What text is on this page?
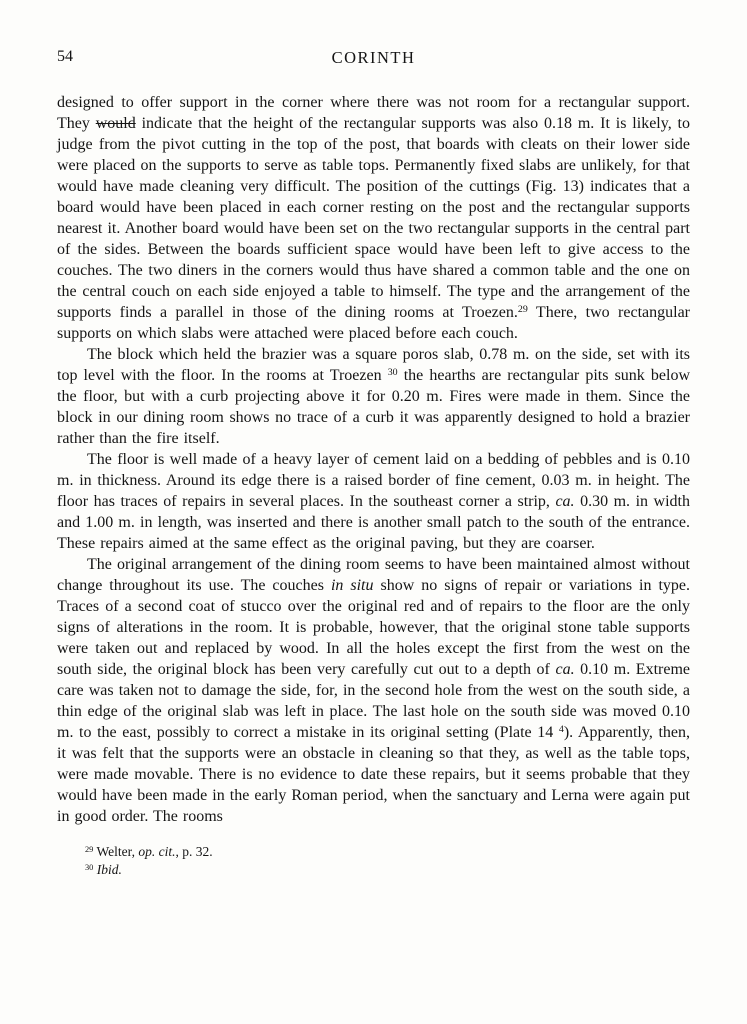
54	CORINTH

designed to offer support in the corner where there was not room for a rectangular support. They would indicate that the height of the rectangular supports was also 0.18 m. It is likely, to judge from the pivot cutting in the top of the post, that boards with cleats on their lower side were placed on the supports to serve as table tops. Permanently fixed slabs are unlikely, for that would have made cleaning very difficult. The position of the cuttings (Fig. 13) indicates that a board would have been placed in each corner resting on the post and the rectangular supports nearest it. Another board would have been set on the two rectangular supports in the central part of the sides. Between the boards sufficient space would have been left to give access to the couches. The two diners in the corners would thus have shared a common table and the one on the central couch on each side enjoyed a table to himself. The type and the arrangement of the supports finds a parallel in those of the dining rooms at Troezen.$^{29}$ There, two rectangular supports on which slabs were attached were placed before each couch.

The block which held the brazier was a square poros slab, 0.78 m. on the side, set with its top level with the floor. In the rooms at Troezen $^{30}$ the hearths are rectangular pits sunk below the floor, but with a curb projecting above it for 0.20 m. Fires were made in them. Since the block in our dining room shows no trace of a curb it was apparently designed to hold a brazier rather than the fire itself.

The floor is well made of a heavy layer of cement laid on a bedding of pebbles and is 0.10 m. in thickness. Around its edge there is a raised border of fine cement, 0.03 m. in height. The floor has traces of repairs in several places. In the southeast corner a strip, ca. 0.30 m. in width and 1.00 m. in length, was inserted and there is another small patch to the south of the entrance. These repairs aimed at the same effect as the original paving, but they are coarser.

The original arrangement of the dining room seems to have been maintained almost without change throughout its use. The couches in situ show no signs of repair or variations in type. Traces of a second coat of stucco over the original red and of repairs to the floor are the only signs of alterations in the room. It is probable, however, that the original stone table supports were taken out and replaced by wood. In all the holes except the first from the west on the south side, the original block has been very carefully cut out to a depth of ca. 0.10 m. Extreme care was taken not to damage the side, for, in the second hole from the west on the south side, a thin edge of the original slab was left in place. The last hole on the south side was moved 0.10 m. to the east, possibly to correct a mistake in its original setting (Plate 14 $^4$). Apparently, then, it was felt that the supports were an obstacle in cleaning so that they, as well as the table tops, were made movable. There is no evidence to date these repairs, but it seems probable that they would have been made in the early Roman period, when the sanctuary and Lerna were again put in good order. The rooms

$^{29}$ Welter, op. cit., p. 32.

$^{30}$ Ibid.
